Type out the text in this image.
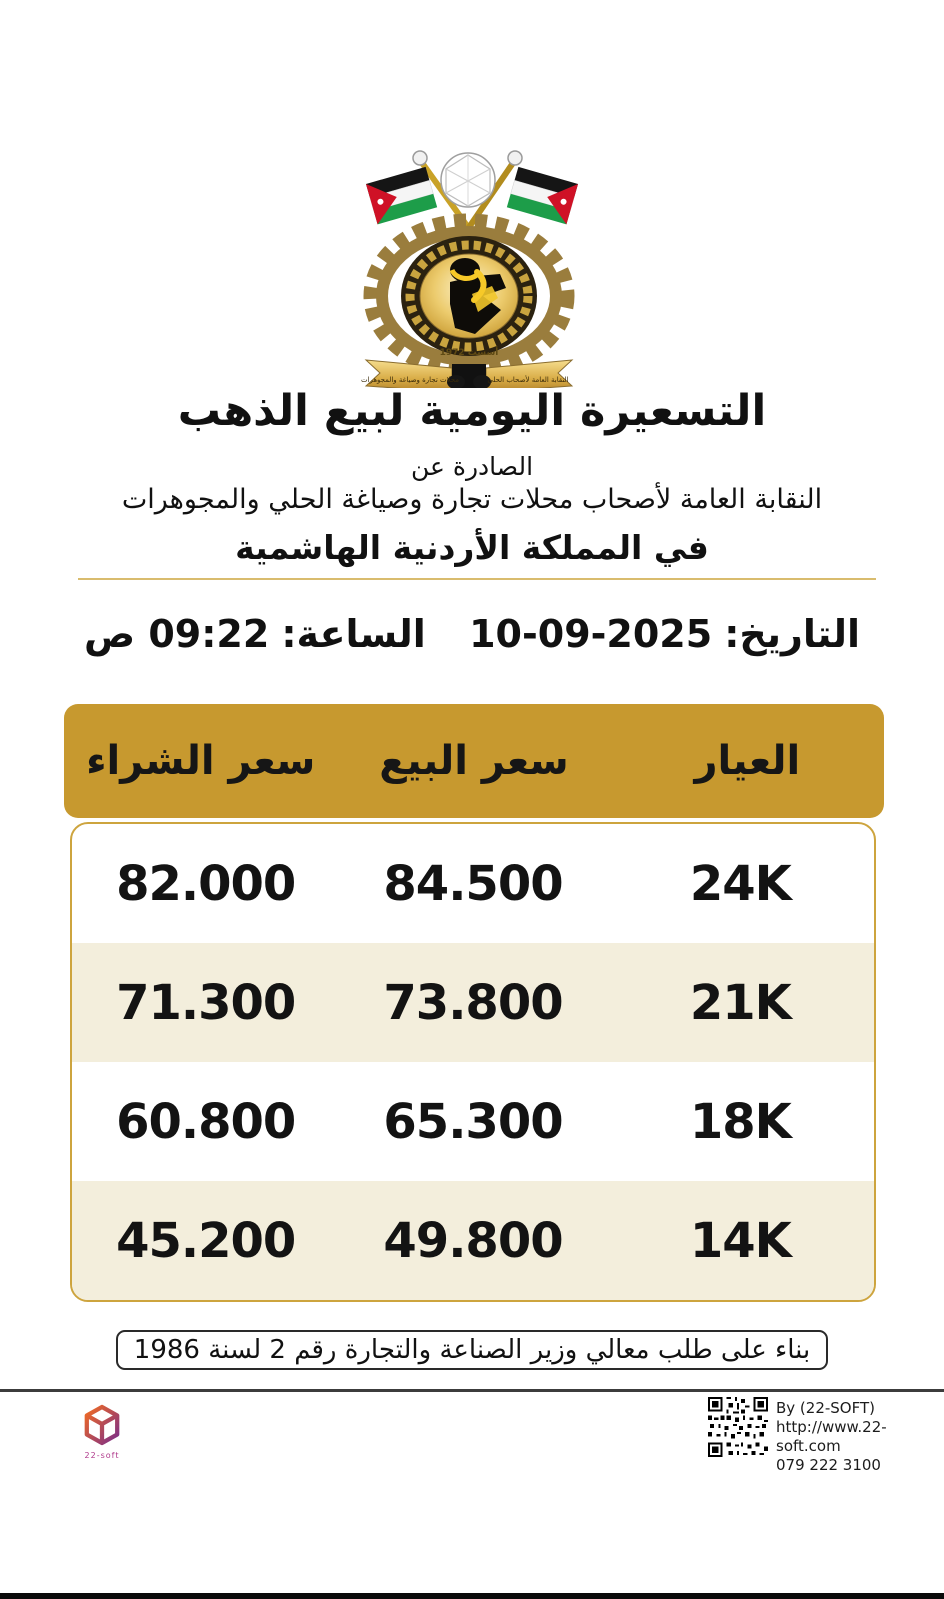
أسست 1972
النقابة العامة لأصحاب الحلي
محلات تجارة وصياغة والمجوهرات
التسعيرة اليومية لبيع الذهب
الصادرة عن
النقابة العامة لأصحاب محلات تجارة وصياغة الحلي والمجوهرات
في المملكة الأردنية الهاشمية
التاريخ:
10-09-2025
الساعة:
09:22 ص
العيار
سعر البيع
سعر الشراء
24K
84.500
82.000
21K
73.800
71.300
18K
65.300
60.800
14K
49.800
45.200
بناء على طلب معالي وزير الصناعة والتجارة رقم 2 لسنة 1986
22-soft
By (22-SOFT)
http://www.22-soft.com
079 222 3100
